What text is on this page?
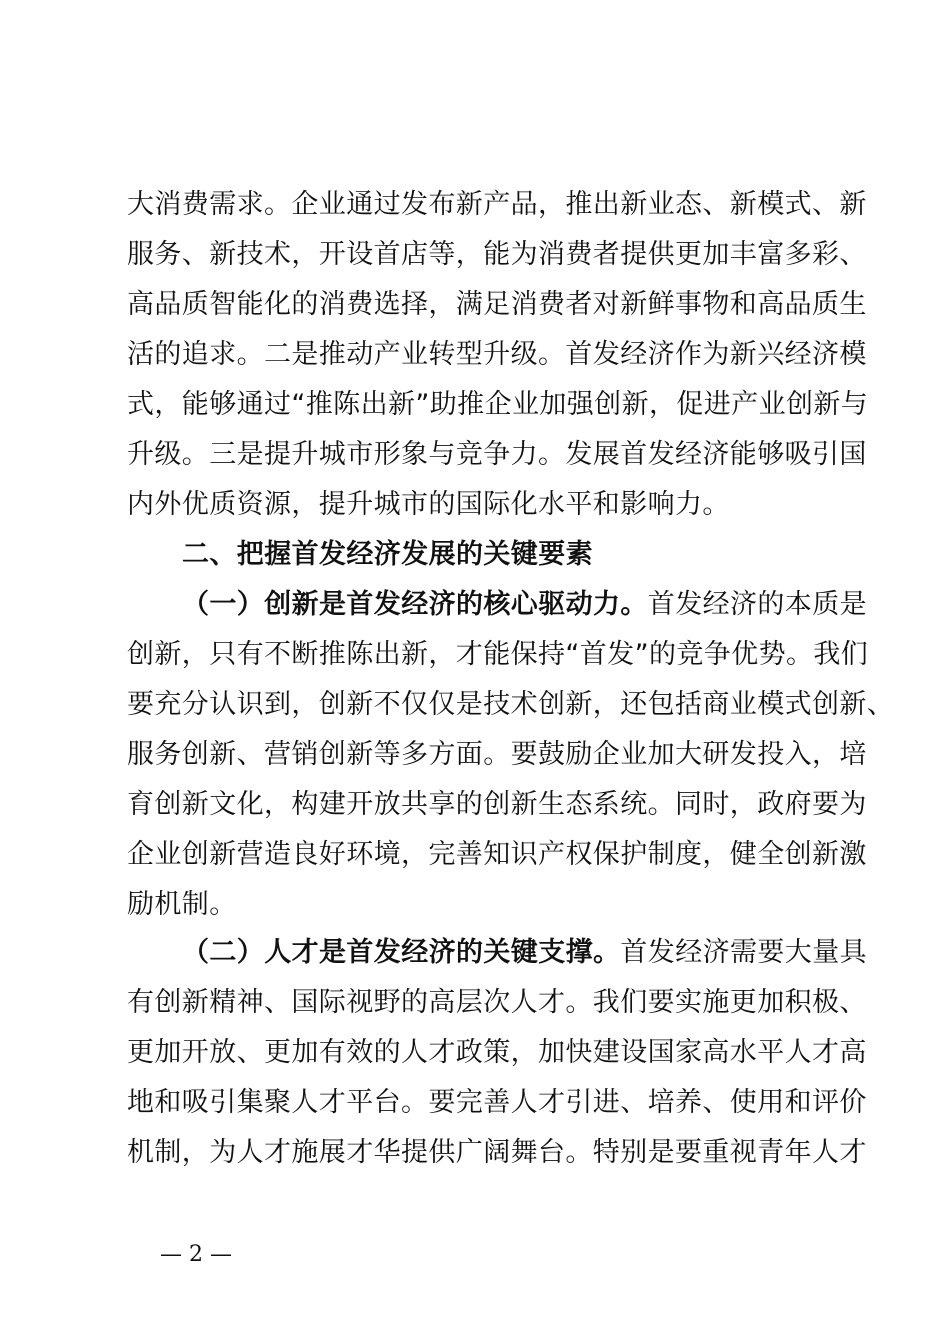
大消费需求。企业通过发布新产品，推出新业态、新模式、新
服务、新技术，开设首店等，能为消费者提供更加丰富多彩、
高品质智能化的消费选择，满足消费者对新鲜事物和高品质生
活的追求。二是推动产业转型升级。首发经济作为新兴经济模
式，能够通过“推陈出新”助推企业加强创新，促进产业创新与
升级。三是提升城市形象与竞争力。发展首发经济能够吸引国
内外优质资源，提升城市的国际化水平和影响力。
二、把握首发经济发展的关键要素
（一）创新是首发经济的核心驱动力。首发经济的本质是
创新，只有不断推陈出新，才能保持“首发”的竞争优势。我们
要充分认识到，创新不仅仅是技术创新，还包括商业模式创新、
服务创新、营销创新等多方面。要鼓励企业加大研发投入，培
育创新文化，构建开放共享的创新生态系统。同时，政府要为
企业创新营造良好环境，完善知识产权保护制度，健全创新激
励机制。
（二）人才是首发经济的关键支撑。首发经济需要大量具
有创新精神、国际视野的高层次人才。我们要实施更加积极、
更加开放、更加有效的人才政策，加快建设国家高水平人才高
地和吸引集聚人才平台。要完善人才引进、培养、使用和评价
机制，为人才施展才华提供广阔舞台。特别是要重视青年人才
— 2 —
